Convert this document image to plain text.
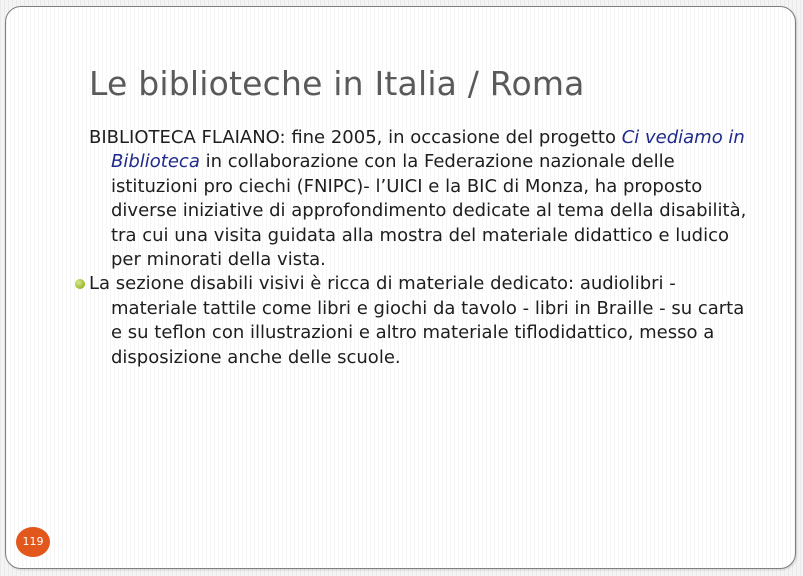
Le biblioteche in Italia / Roma

BIBLIOTECA FLAIANO: fine 2005, in occasione del progetto Ci vediamo in Biblioteca in collaborazione con la Federazione nazionale delle istituzioni pro ciechi (FNIPC)- l’UICI e la BIC di Monza, ha proposto diverse iniziative di approfondimento dedicate al tema della disabilità, tra cui una visita guidata alla mostra del materiale didattico e ludico per minorati della vista.

La sezione disabili visivi è ricca di materiale dedicato: audiolibri - materiale tattile come libri e giochi da tavolo - libri in Braille - su carta e su teflon con illustrazioni e altro materiale tiflodidattico, messo a disposizione anche delle scuole.

119
